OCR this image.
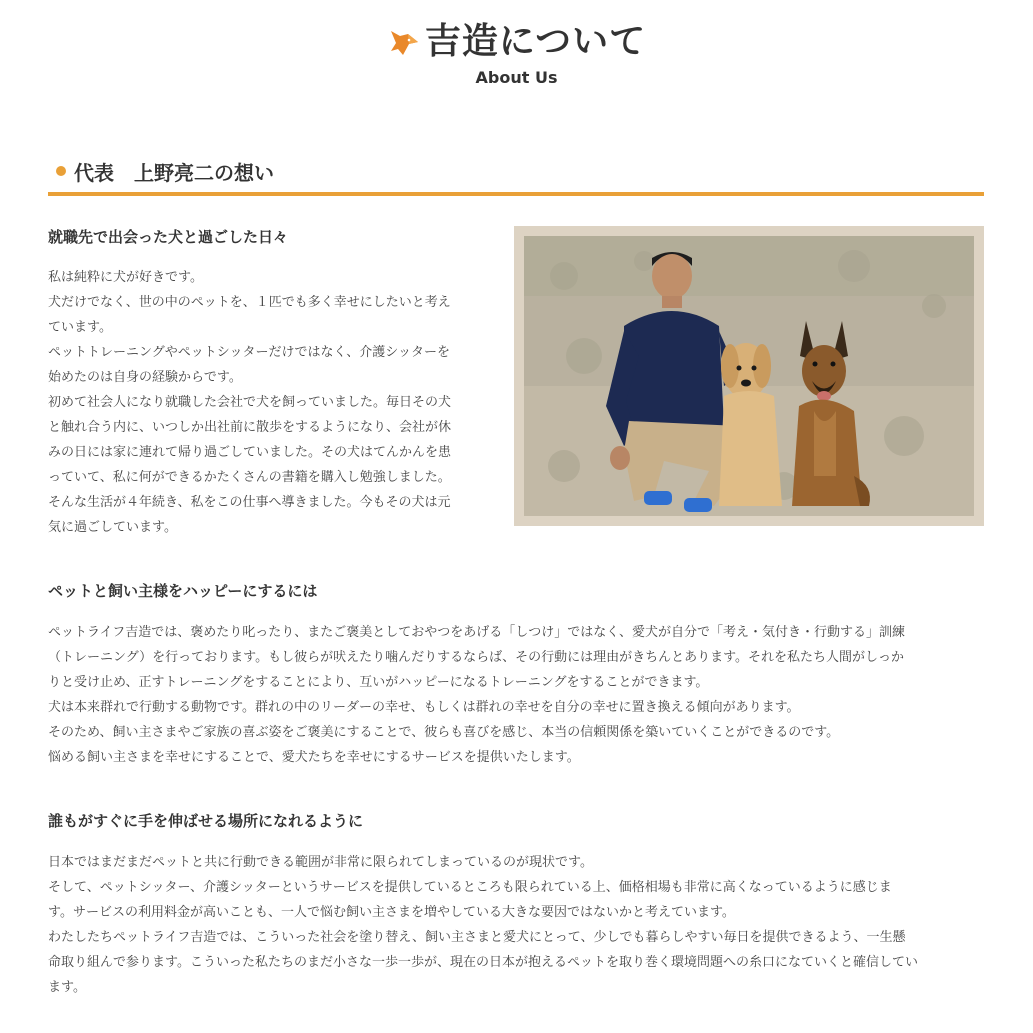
吉造について
About Us
代表　上野亮二の想い
就職先で出会った犬と過ごした日々

私は純粋に犬が好きです。

犬だけでなく、世の中のペットを、１匹でも多く幸せにしたいと考え

ています。

ペットトレーニングやペットシッターだけではなく、介護シッターを

始めたのは自身の経験からです。

初めて社会人になり就職した会社で犬を飼っていました。毎日その犬

と触れ合う内に、いつしか出社前に散歩をするようになり、会社が休

みの日には家に連れて帰り過ごしていました。その犬はてんかんを患

っていて、私に何ができるかたくさんの書籍を購入し勉強しました。

そんな生活が４年続き、私をこの仕事へ導きました。今もその犬は元

気に過ごしています。

ペットと飼い主様をハッピーにするには

ペットライフ吉造では、褒めたり叱ったり、またご褒美としておやつをあげる「しつけ」ではなく、愛犬が自分で「考え・気付き・行動する」訓練

（トレーニング）を行っております。もし彼らが吠えたり噛んだりするならば、その行動には理由がきちんとあります。それを私たち人間がしっか

りと受け止め、正すトレーニングをすることにより、互いがハッピーになるトレーニングをすることができます。

犬は本来群れで行動する動物です。群れの中のリーダーの幸せ、もしくは群れの幸せを自分の幸せに置き換える傾向があります。

そのため、飼い主さまやご家族の喜ぶ姿をご褒美にすることで、彼らも喜びを感じ、本当の信頼関係を築いていくことができるのです。

悩める飼い主さまを幸せにすることで、愛犬たちを幸せにするサービスを提供いたします。

誰もがすぐに手を伸ばせる場所になれるように

日本ではまだまだペットと共に行動できる範囲が非常に限られてしまっているのが現状です。

そして、ペットシッター、介護シッターというサービスを提供しているところも限られている上、価格相場も非常に高くなっているように感じま

す。サービスの利用料金が高いことも、一人で悩む飼い主さまを増やしている大きな要因ではないかと考えています。

わたしたちペットライフ吉造では、こういった社会を塗り替え、飼い主さまと愛犬にとって、少しでも暮らしやすい毎日を提供できるよう、一生懸

命取り組んで参ります。こういった私たちのまだ小さな一歩一歩が、現在の日本が抱えるペットを取り巻く環境問題への糸口になていくと確信してい

ます。
